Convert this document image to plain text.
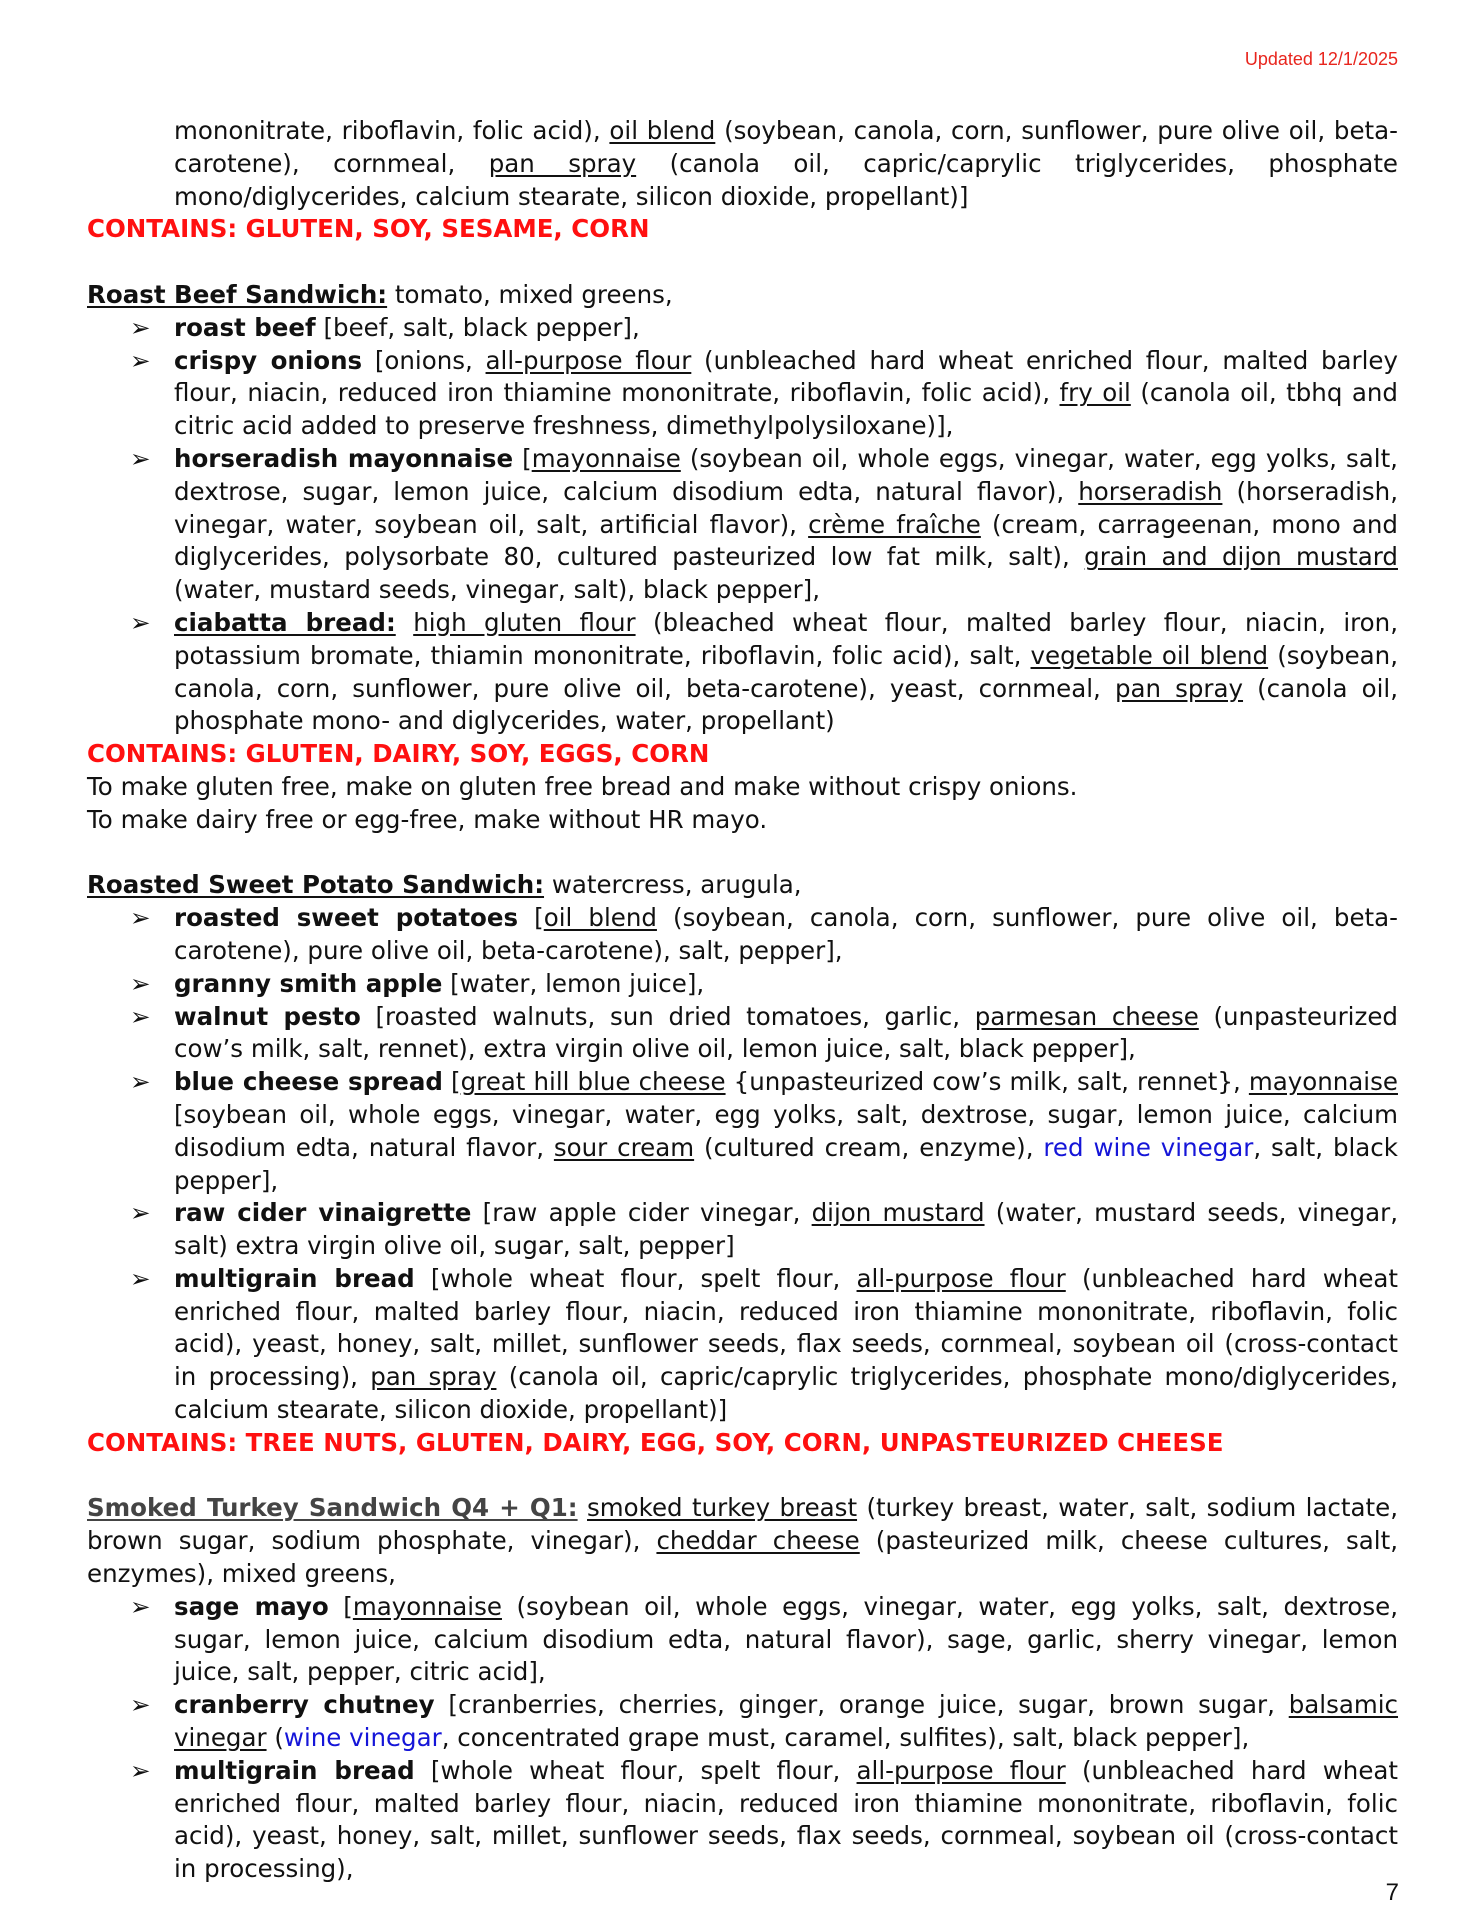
Updated 12/1/2025
mononitrate, riboflavin, folic acid), oil blend (soybean, canola, corn, sunflower, pure olive oil, beta-carotene), cornmeal, pan spray (canola oil, capric/caprylic triglycerides, phosphate mono/diglycerides, calcium stearate, silicon dioxide, propellant)]
CONTAINS: GLUTEN, SOY, SESAME, CORN
Roast Beef Sandwich: tomato, mixed greens,
➢ roast beef [beef, salt, black pepper],
➢ crispy onions [onions, all-purpose flour (unbleached hard wheat enriched flour, malted barley flour, niacin, reduced iron thiamine mononitrate, riboflavin, folic acid), fry oil (canola oil, tbhq and citric acid added to preserve freshness, dimethylpolysiloxane)],
➢ horseradish mayonnaise [mayonnaise (soybean oil, whole eggs, vinegar, water, egg yolks, salt, dextrose, sugar, lemon juice, calcium disodium edta, natural flavor), horseradish (horseradish, vinegar, water, soybean oil, salt, artificial flavor), crème fraîche (cream, carrageenan, mono and diglycerides, polysorbate 80, cultured pasteurized low fat milk, salt), grain and dijon mustard (water, mustard seeds, vinegar, salt), black pepper],
➢ ciabatta bread: high gluten flour (bleached wheat flour, malted barley flour, niacin, iron, potassium bromate, thiamin mononitrate, riboflavin, folic acid), salt, vegetable oil blend (soybean, canola, corn, sunflower, pure olive oil, beta-carotene), yeast, cornmeal, pan spray (canola oil, phosphate mono- and diglycerides, water, propellant)
CONTAINS: GLUTEN, DAIRY, SOY, EGGS, CORN
To make gluten free, make on gluten free bread and make without crispy onions.
To make dairy free or egg-free, make without HR mayo.
Roasted Sweet Potato Sandwich: watercress, arugula,
➢ roasted sweet potatoes [oil blend (soybean, canola, corn, sunflower, pure olive oil, beta-carotene), pure olive oil, beta-carotene), salt, pepper],
➢ granny smith apple [water, lemon juice],
➢ walnut pesto [roasted walnuts, sun dried tomatoes, garlic, parmesan cheese (unpasteurized cow’s milk, salt, rennet), extra virgin olive oil, lemon juice, salt, black pepper],
➢ blue cheese spread [great hill blue cheese {unpasteurized cow’s milk, salt, rennet}, mayonnaise [soybean oil, whole eggs, vinegar, water, egg yolks, salt, dextrose, sugar, lemon juice, calcium disodium edta, natural flavor, sour cream (cultured cream, enzyme), red wine vinegar, salt, black pepper],
➢ raw cider vinaigrette [raw apple cider vinegar, dijon mustard (water, mustard seeds, vinegar, salt) extra virgin olive oil, sugar, salt, pepper]
➢ multigrain bread [whole wheat flour, spelt flour, all-purpose flour (unbleached hard wheat enriched flour, malted barley flour, niacin, reduced iron thiamine mononitrate, riboflavin, folic acid), yeast, honey, salt, millet, sunflower seeds, flax seeds, cornmeal, soybean oil (cross-contact in processing), pan spray (canola oil, capric/caprylic triglycerides, phosphate mono/diglycerides, calcium stearate, silicon dioxide, propellant)]
CONTAINS: TREE NUTS, GLUTEN, DAIRY, EGG, SOY, CORN, UNPASTEURIZED CHEESE
Smoked Turkey Sandwich Q4 + Q1: smoked turkey breast (turkey breast, water, salt, sodium lactate, brown sugar, sodium phosphate, vinegar), cheddar cheese (pasteurized milk, cheese cultures, salt, enzymes), mixed greens,
➢ sage mayo [mayonnaise (soybean oil, whole eggs, vinegar, water, egg yolks, salt, dextrose, sugar, lemon juice, calcium disodium edta, natural flavor), sage, garlic, sherry vinegar, lemon juice, salt, pepper, citric acid],
➢ cranberry chutney [cranberries, cherries, ginger, orange juice, sugar, brown sugar, balsamic vinegar (wine vinegar, concentrated grape must, caramel, sulfites), salt, black pepper],
➢ multigrain bread [whole wheat flour, spelt flour, all-purpose flour (unbleached hard wheat enriched flour, malted barley flour, niacin, reduced iron thiamine mononitrate, riboflavin, folic acid), yeast, honey, salt, millet, sunflower seeds, flax seeds, cornmeal, soybean oil (cross-contact in processing),
7
